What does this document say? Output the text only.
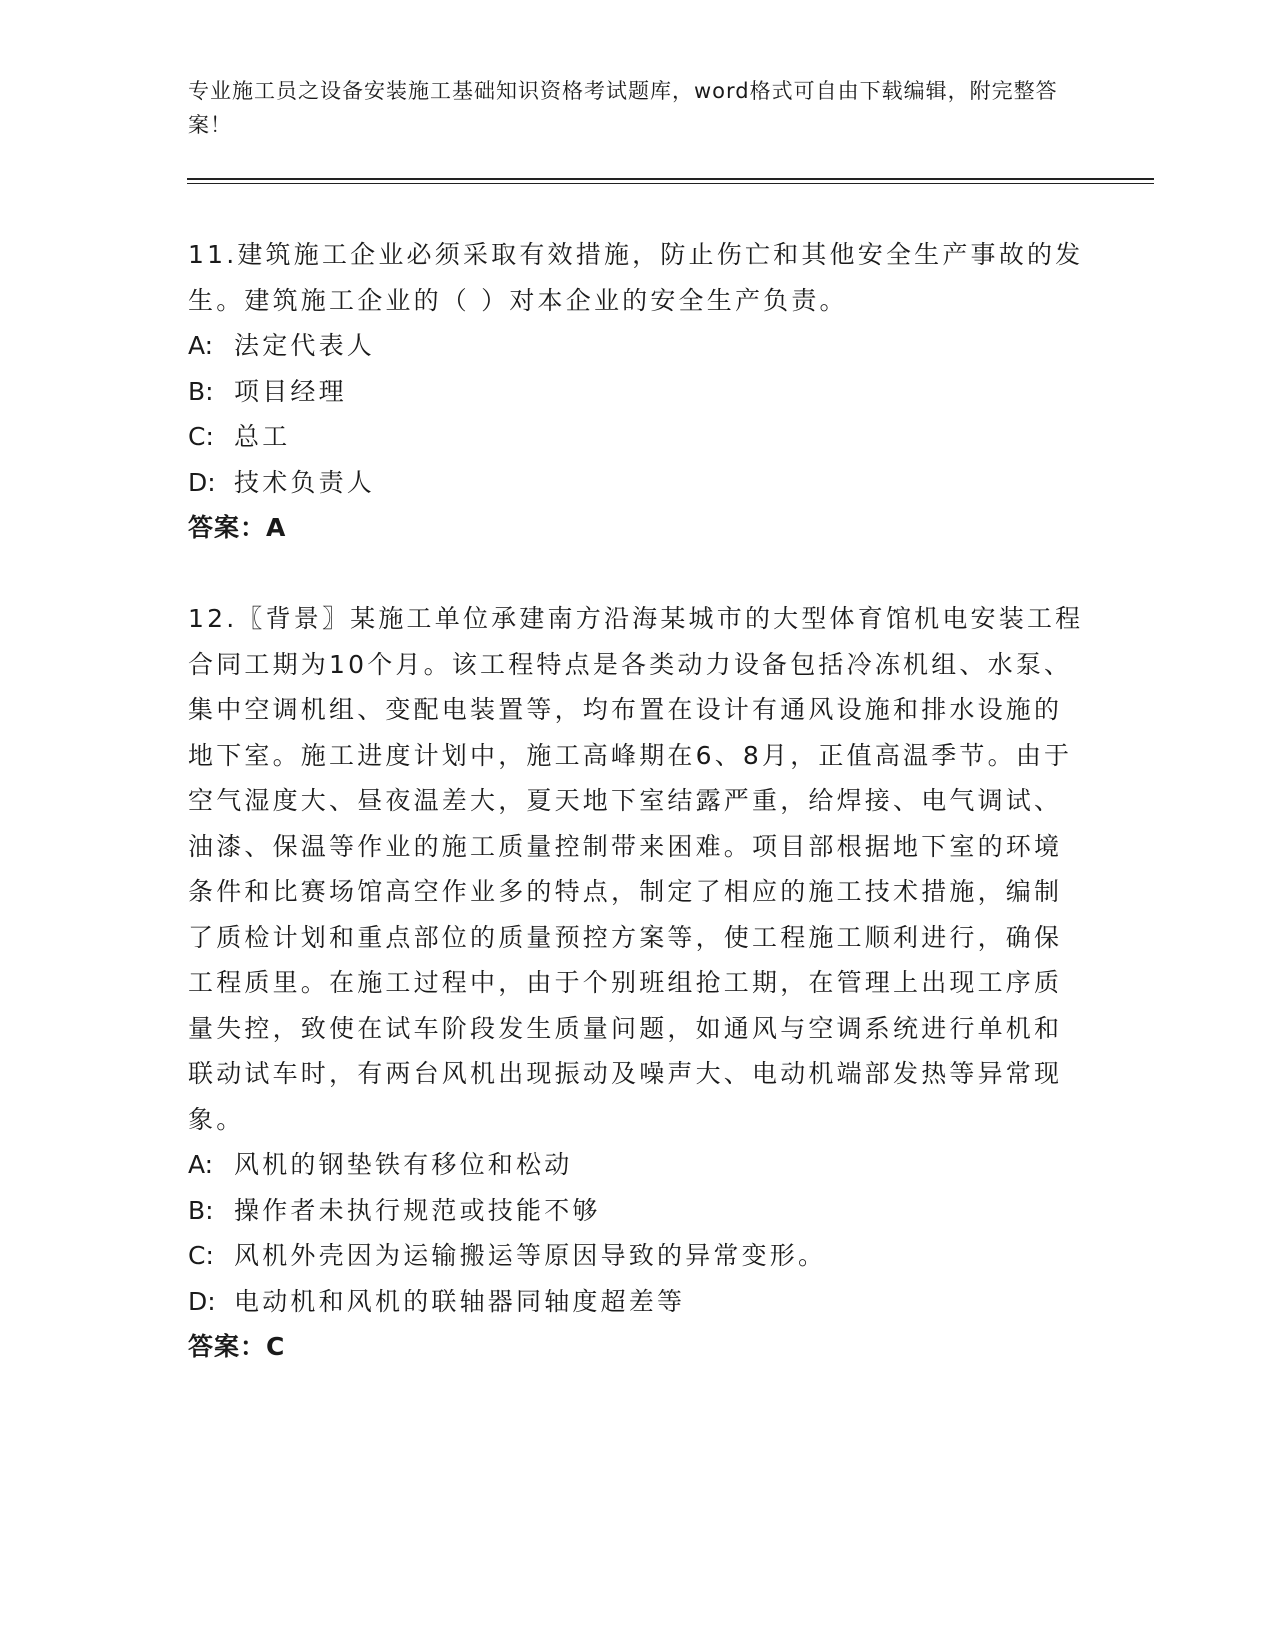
专业施工员之设备安装施工基础知识资格考试题库，word格式可自由下载编辑，附完整答案！

11.建筑施工企业必须采取有效措施，防止伤亡和其他安全生产事故的发生。建筑施工企业的（ ）对本企业的安全生产负责。

A: 法定代表人
B: 项目经理
C: 总工
D: 技术负责人
答案：A

12.〖背景〗某施工单位承建南方沿海某城市的大型体育馆机电安装工程合同工期为10个月。该工程特点是各类动力设备包括冷冻机组、水泵、集中空调机组、变配电装置等，均布置在设计有通风设施和排水设施的地下室。施工进度计划中，施工高峰期在6、8月，正值高温季节。由于空气湿度大、昼夜温差大，夏天地下室结露严重，给焊接、电气调试、油漆、保温等作业的施工质量控制带来困难。项目部根据地下室的环境条件和比赛场馆高空作业多的特点，制定了相应的施工技术措施，编制了质检计划和重点部位的质量预控方案等，使工程施工顺利进行，确保工程质里。在施工过程中，由于个别班组抢工期，在管理上出现工序质量失控，致使在试车阶段发生质量问题，如通风与空调系统进行单机和联动试车时，有两台风机出现振动及噪声大、电动机端部发热等异常现象。

A: 风机的钢垫铁有移位和松动
B: 操作者未执行规范或技能不够
C: 风机外壳因为运输搬运等原因导致的异常变形。
D: 电动机和风机的联轴器同轴度超差等
答案：C
